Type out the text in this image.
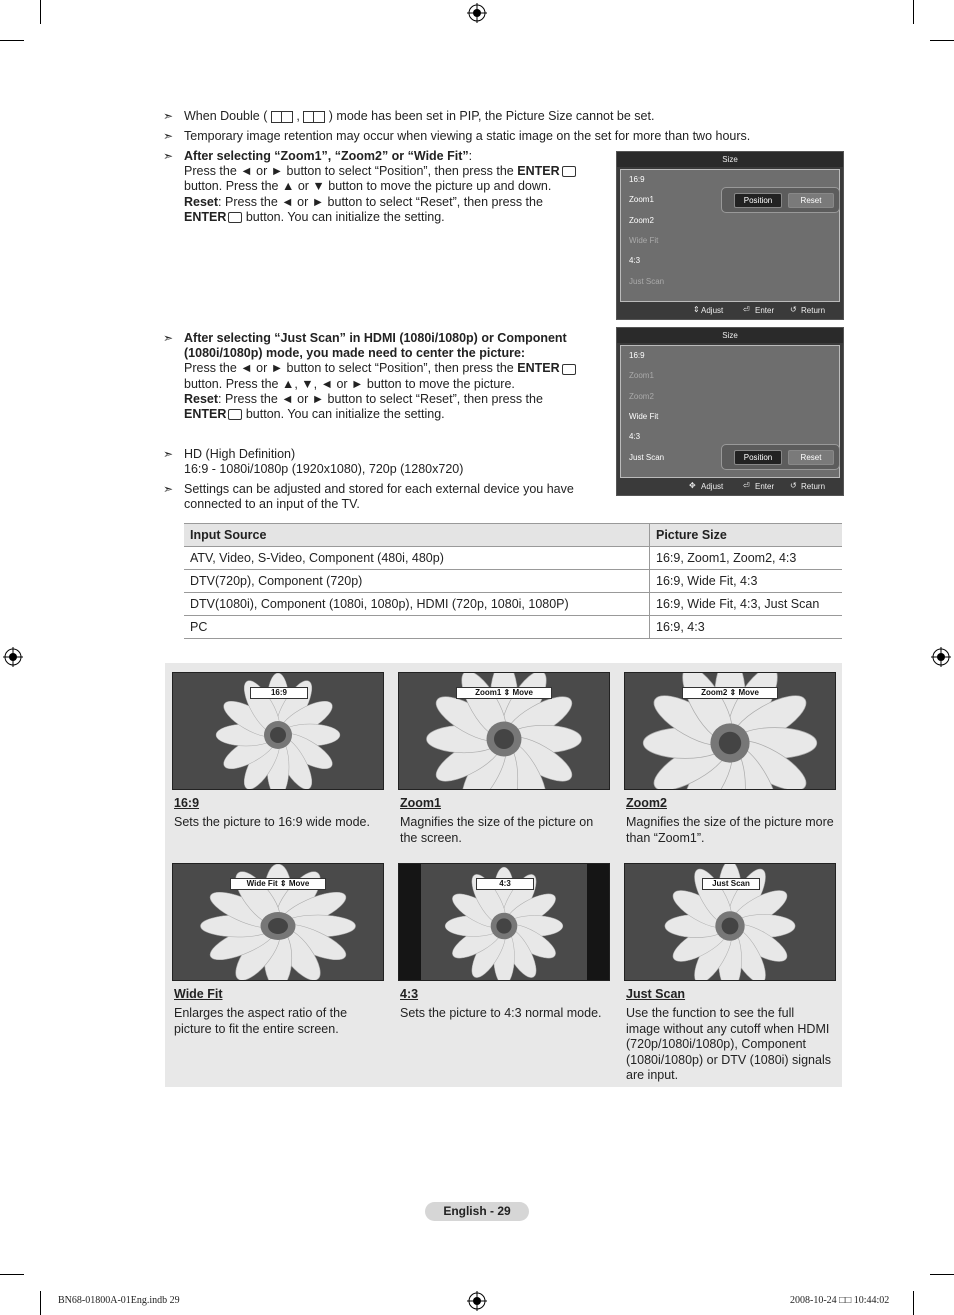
➣ When Double ( , ) mode has been set in PIP, the Picture Size cannot be set.
➣ Temporary image retention may occur when viewing a static image on the set for more than two hours.
➣ After selecting “Zoom1”, “Zoom2” or “Wide Fit”:
Press the ◄ or ► button to select “Position”, then press the ENTER
button. Press the ▲ or ▼ button to move the picture up and down.
Reset: Press the ◄ or ► button to select “Reset”, then press the
ENTER button. You can initialize the setting.
➣ After selecting “Just Scan” in HDMI (1080i/1080p) or Component
(1080i/1080p) mode, you made need to center the picture:
Press the ◄ or ► button to select “Position”, then press the ENTER
button. Press the ▲, ▼, ◄ or ► button to move the picture.
Reset: Press the ◄ or ► button to select “Reset”, then press the
ENTER button. You can initialize the setting.
➣ HD (High Definition)
16:9 - 1080i/1080p (1920x1080), 720p (1280x720)
➣ Settings can be adjusted and stored for each external device you have
connected to an input of the TV.
Size
16:9
Zoom1
Zoom2
Wide Fit
4:3
Just Scan
Position	Reset
⇕ Adjust ⏎ Enter ↺ Return
Size
16:9
Zoom1
Zoom2
Wide Fit
4:3
Just Scan	Position	Reset
✥ Adjust ⏎ Enter ↺ Return
Input Source	Picture Size
ATV, Video, S-Video, Component (480i, 480p)	16:9, Zoom1, Zoom2, 4:3
DTV(720p), Component (720p)	16:9, Wide Fit, 4:3
DTV(1080i), Component (1080i, 1080p), HDMI (720p, 1080i, 1080P)	16:9, Wide Fit, 4:3, Just Scan
PC	16:9, 4:3
16:9	Zoom1 ⇕ Move	Zoom2 ⇕ Move
16:9
Sets the picture to 16:9 wide mode.
Zoom1
Magnifies the size of the picture on
the screen.
Zoom2
Magnifies the size of the picture more
than “Zoom1”.
Wide Fit ⇕ Move	4:3	Just Scan
Wide Fit
Enlarges the aspect ratio of the
picture to fit the entire screen.
4:3
Sets the picture to 4:3 normal mode.
Just Scan
Use the function to see the full
image without any cutoff when HDMI
(720p/1080i/1080p), Component
(1080i/1080p) or DTV (1080i) signals
are input.
English - 29
BN68-01800A-01Eng.indb 29	2008-10-24 □□ 10:44:02
